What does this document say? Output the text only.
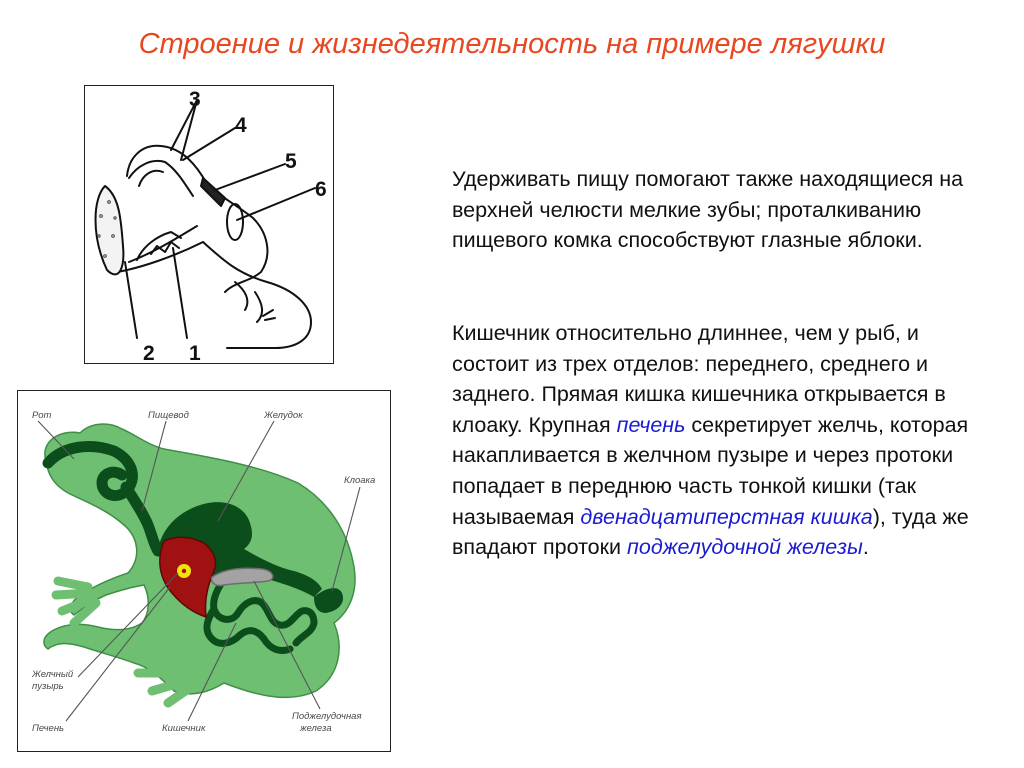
Строение и жизнедеятельность на примере лягушки
3
4
5
6
2 1
Рот	Пищевод	Желудок
Клоака
Желчный
пузырь
Печень	Кишечник
Поджелудочная
железа

Удерживать пищу помогают также находящиеся на верхней челюсти мелкие зубы; проталкиванию пищевого комка способствуют глазные яблоки.

Кишечник относительно длиннее, чем у рыб, и состоит из трех отделов: переднего, среднего и заднего. Прямая кишка кишечника открывается в клоаку. Крупная печень секретирует желчь, которая накапливается в желчном пузыре и через протоки попадает в переднюю часть тонкой кишки (так называемая двенадцатиперстная кишка), туда же впадают протоки поджелудочной железы.
